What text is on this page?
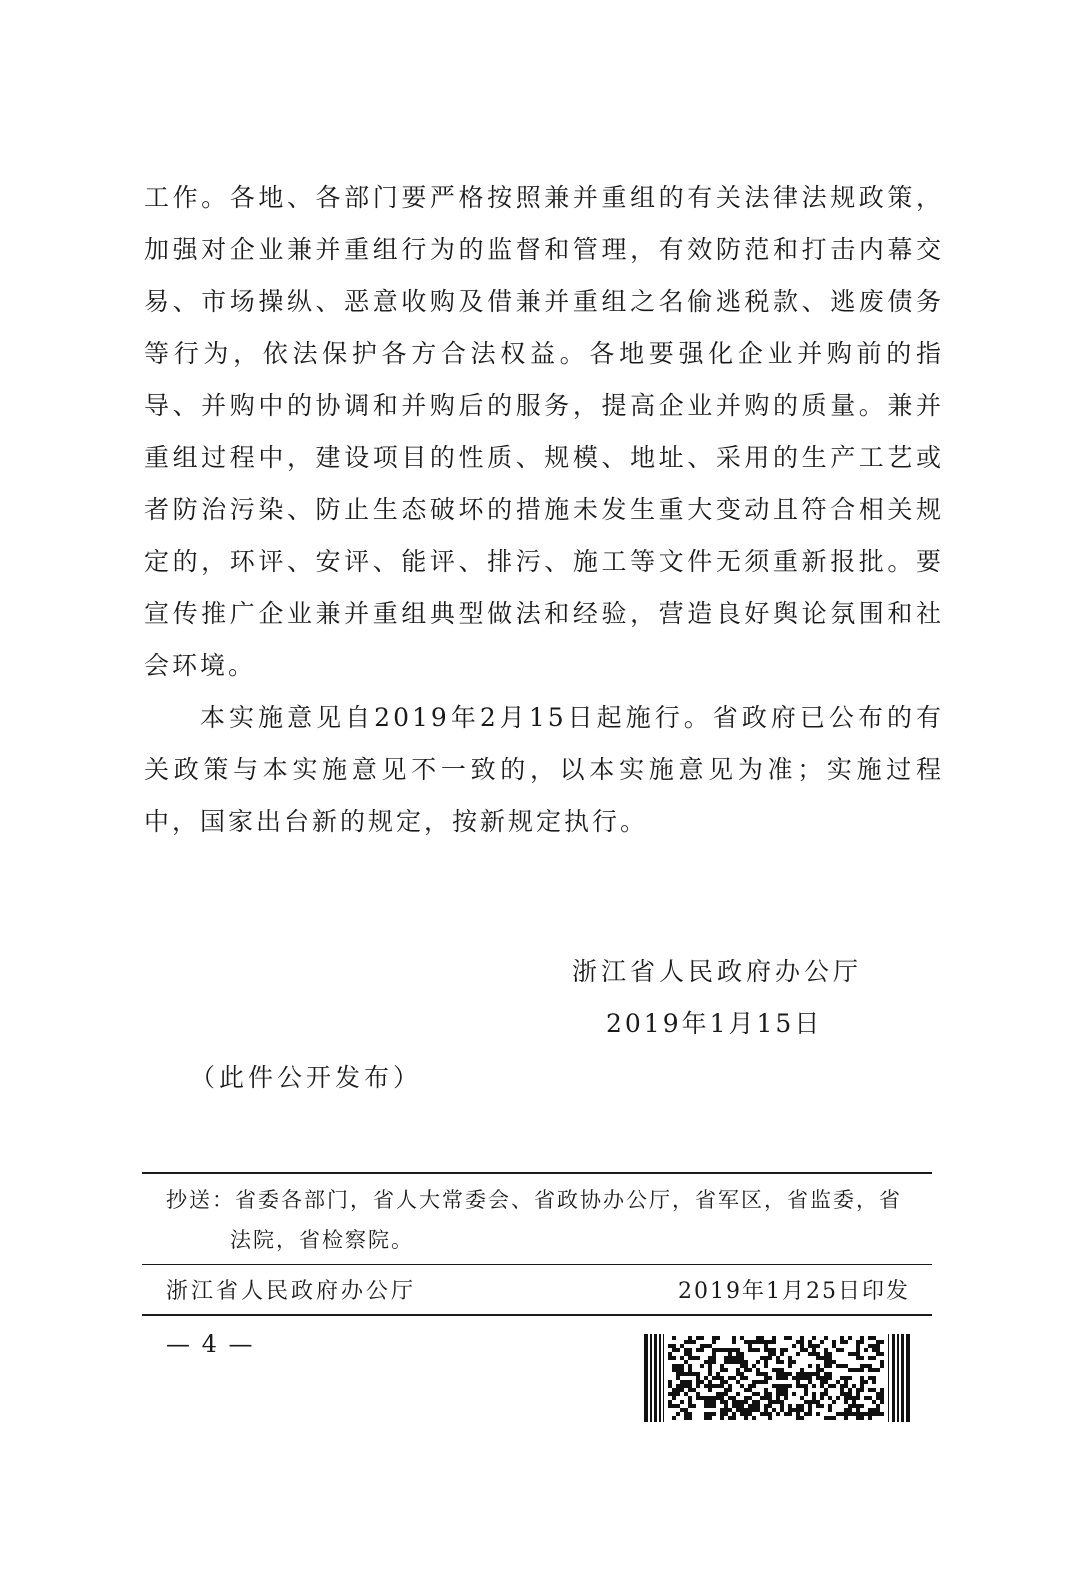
工作。各地、各部门要严格按照兼并重组的有关法律法规政策，加强对企业兼并重组行为的监督和管理，有效防范和打击内幕交易、市场操纵、恶意收购及借兼并重组之名偷逃税款、逃废债务等行为，依法保护各方合法权益。各地要强化企业并购前的指导、并购中的协调和并购后的服务，提高企业并购的质量。兼并重组过程中，建设项目的性质、规模、地址、采用的生产工艺或者防治污染、防止生态破坏的措施未发生重大变动且符合相关规定的，环评、安评、能评、排污、施工等文件无须重新报批。要宣传推广企业兼并重组典型做法和经验，营造良好舆论氛围和社会环境。

本实施意见自2019年2月15日起施行。省政府已公布的有关政策与本实施意见不一致的，以本实施意见为准；实施过程中，国家出台新的规定，按新规定执行。

浙江省人民政府办公厅
2019年1月15日
（此件公开发布）
抄送：省委各部门，省人大常委会、省政协办公厅，省军区，省监委，省
法院，省检察院。
浙江省人民政府办公厅	2019年1月25日印发
— 4 —
